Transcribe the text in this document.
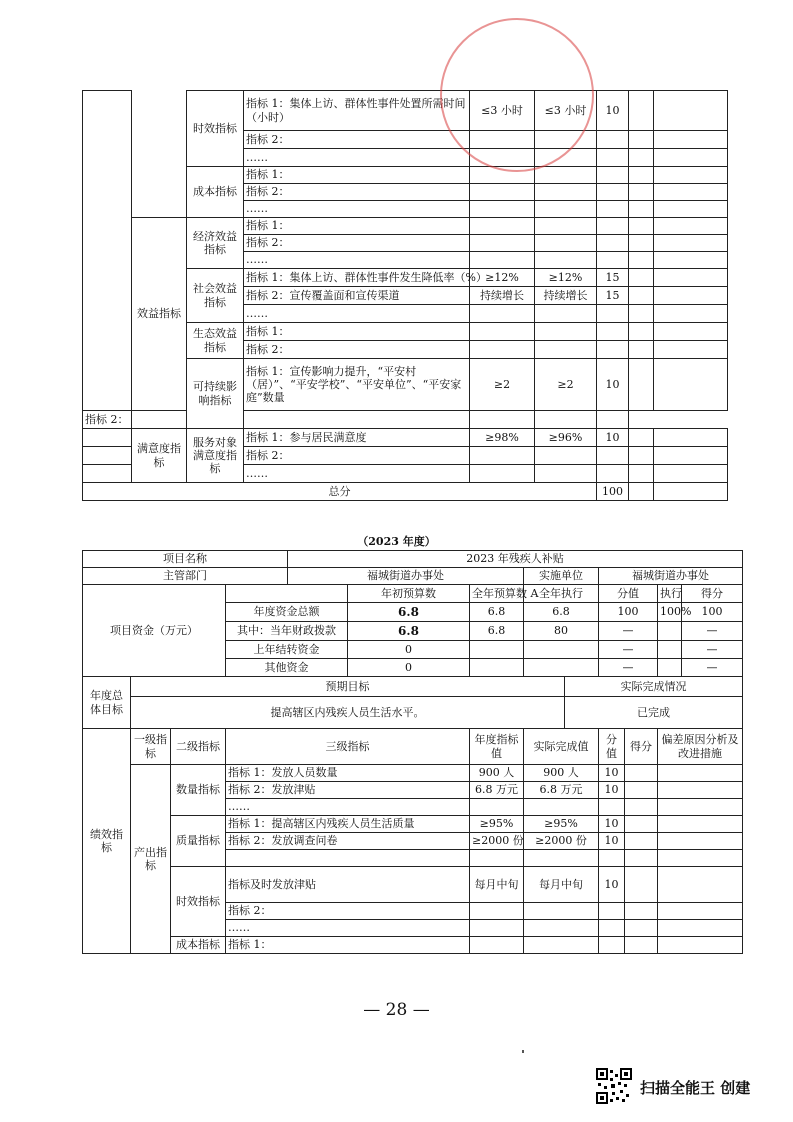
		时效指标	指标 1：集体上访、群体性事件处置所需时间（小时）	≤3 小时	≤3 小时	10		
			指标 2：					
			……					
		成本指标	指标 1：					
			指标 2：					
			……					
	效益指标	经济效益指标	指标 1：					
			指标 2：					
			……					
		社会效益指标	指标 1：集体上访、群体性事件发生降低率（%）	≥12%	≥12%	15		
			指标 2：宣传覆盖面和宣传渠道	持续增长	持续增长	15		
			……					
		生态效益指标	指标 1：					
			指标 2：					
		可持续影响指标	指标 1：宣传影响力提升，“平安村（居）”、“平安学校”、“平安单位”、“平安家庭”数量	≥2	≥2	10		
指标 2：								
	满意度指标	服务对象满意度指标	指标 1：参与居民满意度	≥98%	≥96%	10		
			指标 2：					
			……					
总分						100		
（2023 年度）
项目名称				2023 年残疾人补贴								
主管部门				福城街道办事处			实施单位		福城街道办事处			
项目资金（万元）					年初预算数	全年预算数 A	全年执行		分值		执行	得分
			年度资金总额		6.8	6.8	6.8		100		100%	100
			其中：当年财政拨款		6.8	6.8	80		—			—
			上年结转资金		0				—			—
			其他资金		0				—			—
年度总体目标	预期目标							实际完成情况				
	提高辖区内残疾人员生活水平。							已完成				
绩效指标	一级指标	二级指标	三级指标			年度指标值	实际完成值		分值	得分	偏差原因分析及改进措施	
	产出指标	数量指标	指标 1：发放人员数量			900 人	900 人		10			
			指标 2：发放津贴			6.8 万元	6.8 万元		10			
			……									
		质量指标	指标 1：提高辖区内残疾人员生活质量			≥95%	≥95%		10			
			指标 2：发放调查问卷			≥2000 份	≥2000 份		10			

		时效指标	指标及时发放津贴			每月中旬	每月中旬		10			
			指标 2：									
			……									
		成本指标	指标 1：									
— 28 —
扫描全能王 创建
